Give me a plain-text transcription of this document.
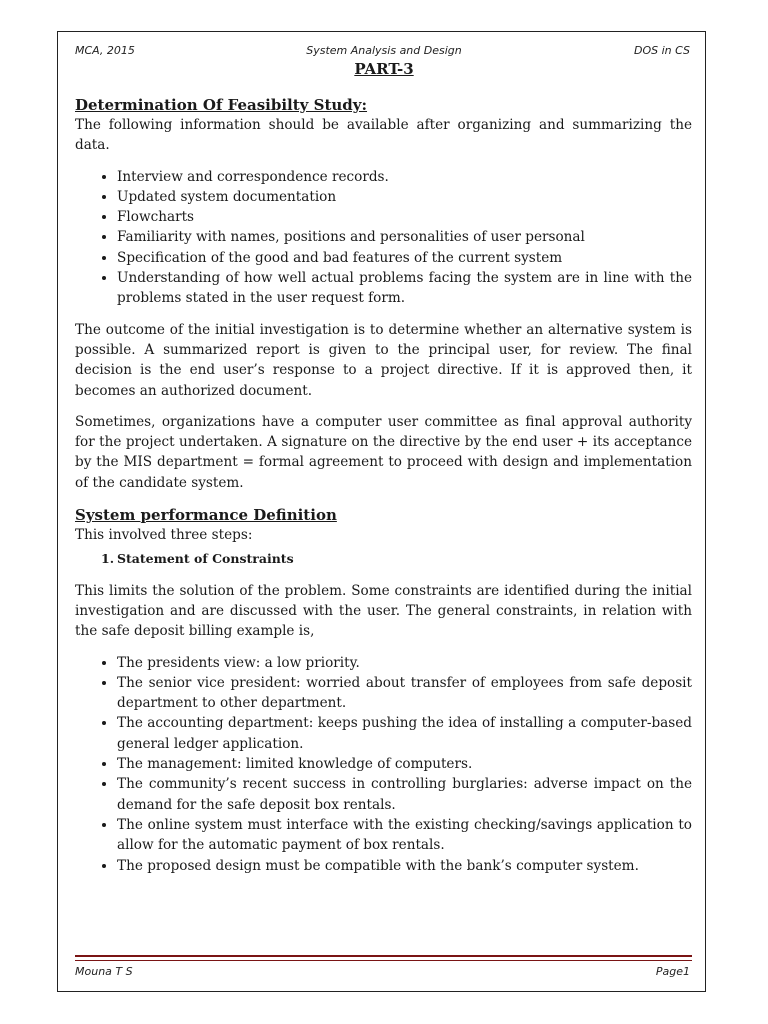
MCA, 2015	System Analysis and Design	DOS in CS
PART-3
Determination Of Feasibilty Study:

The following information should be available after organizing and summarizing the data.

• Interview and correspondence records.
• Updated system documentation
• Flowcharts
• Familiarity with names, positions and personalities of user personal
• Specification of the good and bad features of the current system
• Understanding of how well actual problems facing the system are in line with the problems stated in the user request form.

The outcome of the initial investigation is to determine whether an alternative system is possible. A summarized report is given to the principal user, for review. The final decision is the end user’s response to a project directive. If it is approved then, it becomes an authorized document.

Sometimes, organizations have a computer user committee as final approval authority for the project undertaken. A signature on the directive by the end user + its acceptance by the MIS department = formal agreement to proceed with design and implementation of the candidate system.

System performance Definition

This involved three steps:

1. Statement of Constraints

This limits the solution of the problem. Some constraints are identified during the initial investigation and are discussed with the user. The general constraints, in relation with the safe deposit billing example is,

• The presidents view: a low priority.
• The senior vice president: worried about transfer of employees from safe deposit department to other department.
• The accounting department: keeps pushing the idea of installing a computer-based general ledger application.
• The management: limited knowledge of computers.
• The community’s recent success in controlling burglaries: adverse impact on the demand for the safe deposit box rentals.
• The online system must interface with the existing checking/savings application to allow for the automatic payment of box rentals.
• The proposed design must be compatible with the bank’s computer system.
Mouna T S	Page1
